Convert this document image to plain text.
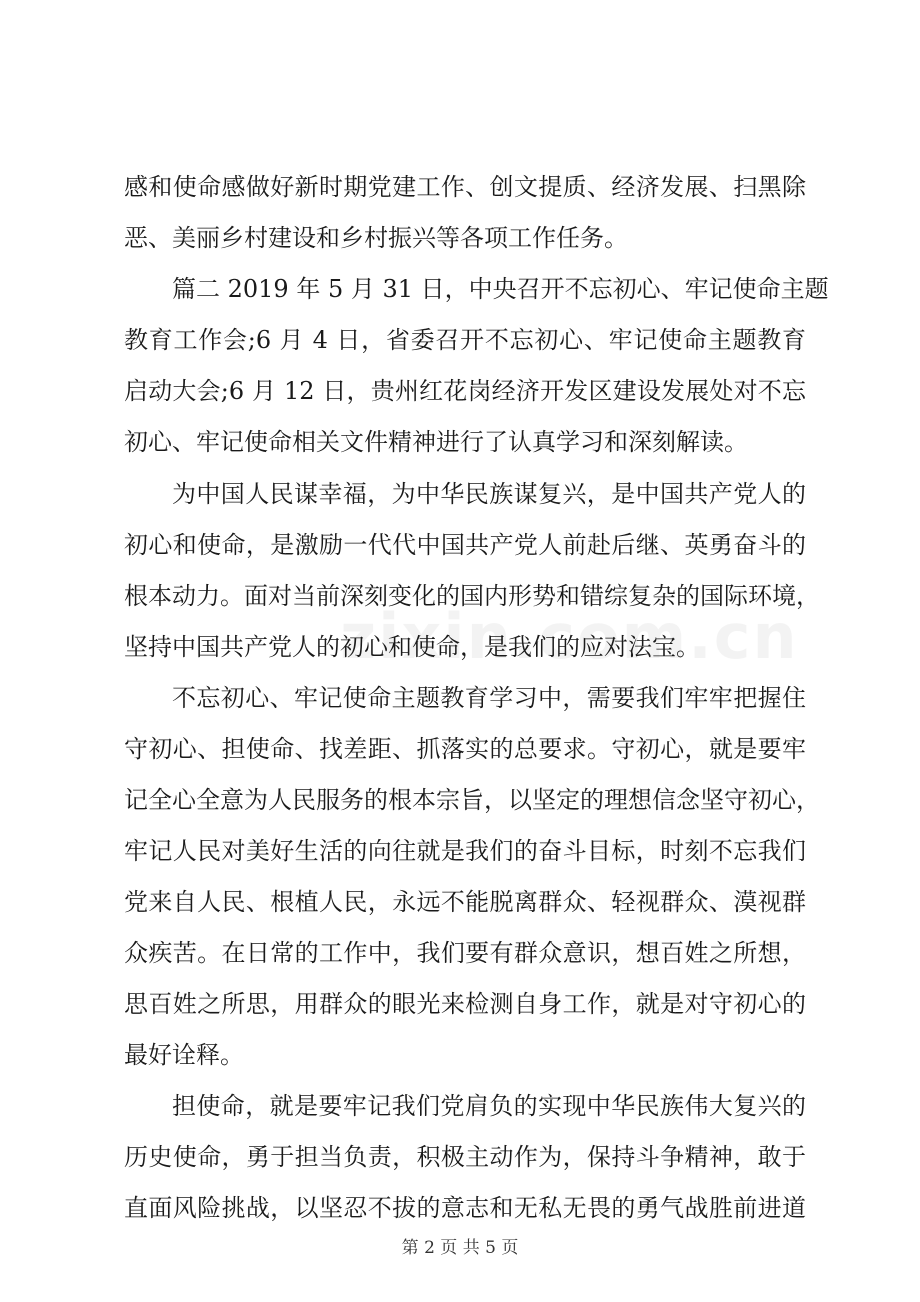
感和使命感做好新时期党建工作、创文提质、经济发展、扫黑除
恶、美丽乡村建设和乡村振兴等各项工作任务。
篇二 2019 年 5 月 31 日，中央召开不忘初心、牢记使命主题
教育工作会;6 月 4 日，省委召开不忘初心、牢记使命主题教育
启动大会;6 月 12 日，贵州红花岗经济开发区建设发展处对不忘
初心、牢记使命相关文件精神进行了认真学习和深刻解读。
为中国人民谋幸福，为中华民族谋复兴，是中国共产党人的
初心和使命，是激励一代代中国共产党人前赴后继、英勇奋斗的
根本动力。面对当前深刻变化的国内形势和错综复杂的国际环境，
坚持中国共产党人的初心和使命，是我们的应对法宝。
不忘初心、牢记使命主题教育学习中，需要我们牢牢把握住
守初心、担使命、找差距、抓落实的总要求。守初心，就是要牢
记全心全意为人民服务的根本宗旨，以坚定的理想信念坚守初心，
牢记人民对美好生活的向往就是我们的奋斗目标，时刻不忘我们
党来自人民、根植人民，永远不能脱离群众、轻视群众、漠视群
众疾苦。在日常的工作中，我们要有群众意识，想百姓之所想，
思百姓之所思，用群众的眼光来检测自身工作，就是对守初心的
最好诠释。
担使命，就是要牢记我们党肩负的实现中华民族伟大复兴的
历史使命，勇于担当负责，积极主动作为，保持斗争精神，敢于
直面风险挑战，以坚忍不拔的意志和无私无畏的勇气战胜前进道
第 2 页 共 5 页
